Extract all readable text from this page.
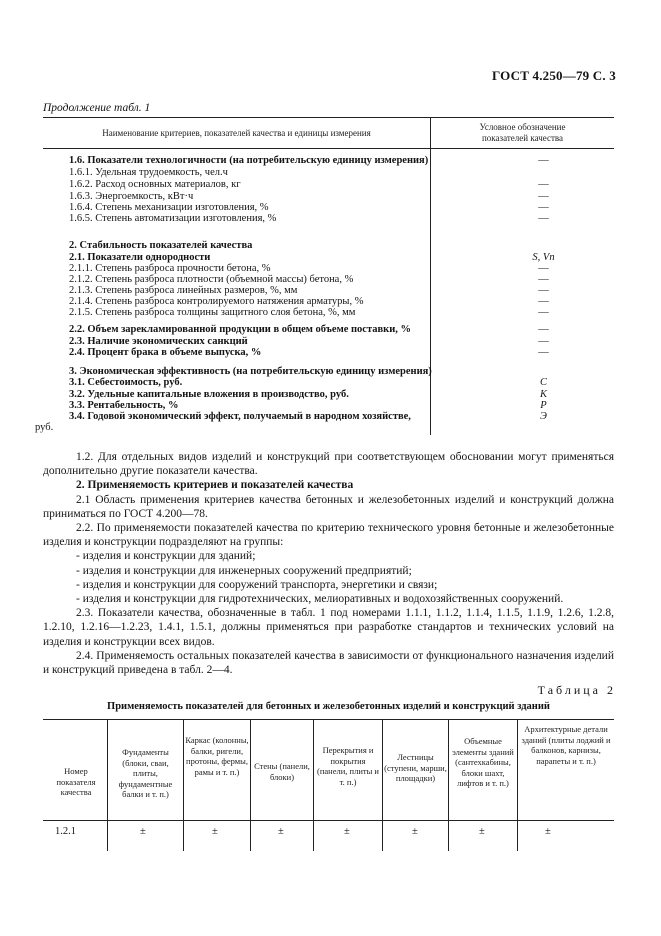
ГОСТ 4.250—79 С. 3
Продолжение табл. 1
Наименование критериев, показателей качества и единицы измерения
Условное обозначение
показателей качества
1.6. Показатели технологичности (на потребительскую единицу измерения)	—
1.6.1. Удельная трудоемкость, чел.ч
1.6.2. Расход основных материалов, кг	—
1.6.3. Энергоемкость, кВт·ч	—
1.6.4. Степень механизации изготовления, %	—
1.6.5. Степень автоматизации изготовления, %	—
2. Стабильность показателей качества
2.1. Показатели однородности	S, Vп
2.1.1. Степень разброса прочности бетона, %	—
2.1.2. Степень разброса плотности (объемной массы) бетона, %	—
2.1.3. Степень разброса линейных размеров, %, мм	—
2.1.4. Степень разброса контролируемого натяжения арматуры, %	—
2.1.5. Степень разброса толщины защитного слоя бетона, %, мм	—
2.2. Объем зарекламированной продукции в общем объеме поставки, %	—
2.3. Наличие экономических санкций	—
2.4. Процент брака в объеме выпуска, %	—
3. Экономическая эффективность (на потребительскую единицу измерения)
3.1. Себестоимость, руб.	C
3.2. Удельные капитальные вложения в производство, руб.	K
3.3. Рентабельность, %	P
3.4. Годовой экономический эффект, получаемый в народном хозяйстве,	Э
руб.

1.2. Для отдельных видов изделий и конструкций при соответствующем обосновании могут применяться дополнительно другие показатели качества.

2. Применяемость критериев и показателей качества

2.1 Область применения критериев качества бетонных и железобетонных изделий и конструкций должна приниматься по ГОСТ 4.200—78.

2.2. По применяемости показателей качества по критерию технического уровня бетонные и железобетонные изделия и конструкции подразделяют на группы:

- изделия и конструкции для зданий;

- изделия и конструкции для инженерных сооружений предприятий;

- изделия и конструкции для сооружений транспорта, энергетики и связи;

- изделия и конструкции для гидротехнических, мелиоративных и водохозяйственных сооружений.

2.3. Показатели качества, обозначенные в табл. 1 под номерами 1.1.1, 1.1.2, 1.1.4, 1.1.5, 1.1.9, 1.2.6, 1.2.8, 1.2.10, 1.2.16—1.2.23, 1.4.1, 1.5.1, должны применяться при разработке стандартов и технических условий на изделия и конструкции всех видов.

2.4. Применяемость остальных показателей качества в зависимости от функционального назначения изделий и конструкций приведена в табл. 2—4.

Таблица 2
Применяемость показателей для бетонных и железобетонных изделий и конструкций зданий
Номер показателя качества
Фундаменты (блоки, сваи, плиты, фундаментные балки и т. п.)
Каркас (колонны, балки, ригели, протоны, фермы, рамы и т. п.)
Стены (панели, блоки)
Перекрытия и покрытия (панели, плиты и т. п.)
Лестницы (ступени, марши, площадки)
Объемные элементы зданий (сантехкабины, блоки шахт, лифтов и т. п.)
Архитектурные детали зданий (плиты лоджий и балконов, карнизы, парапеты и т. п.)
1.2.1	±	±	±	±	±	±	±
